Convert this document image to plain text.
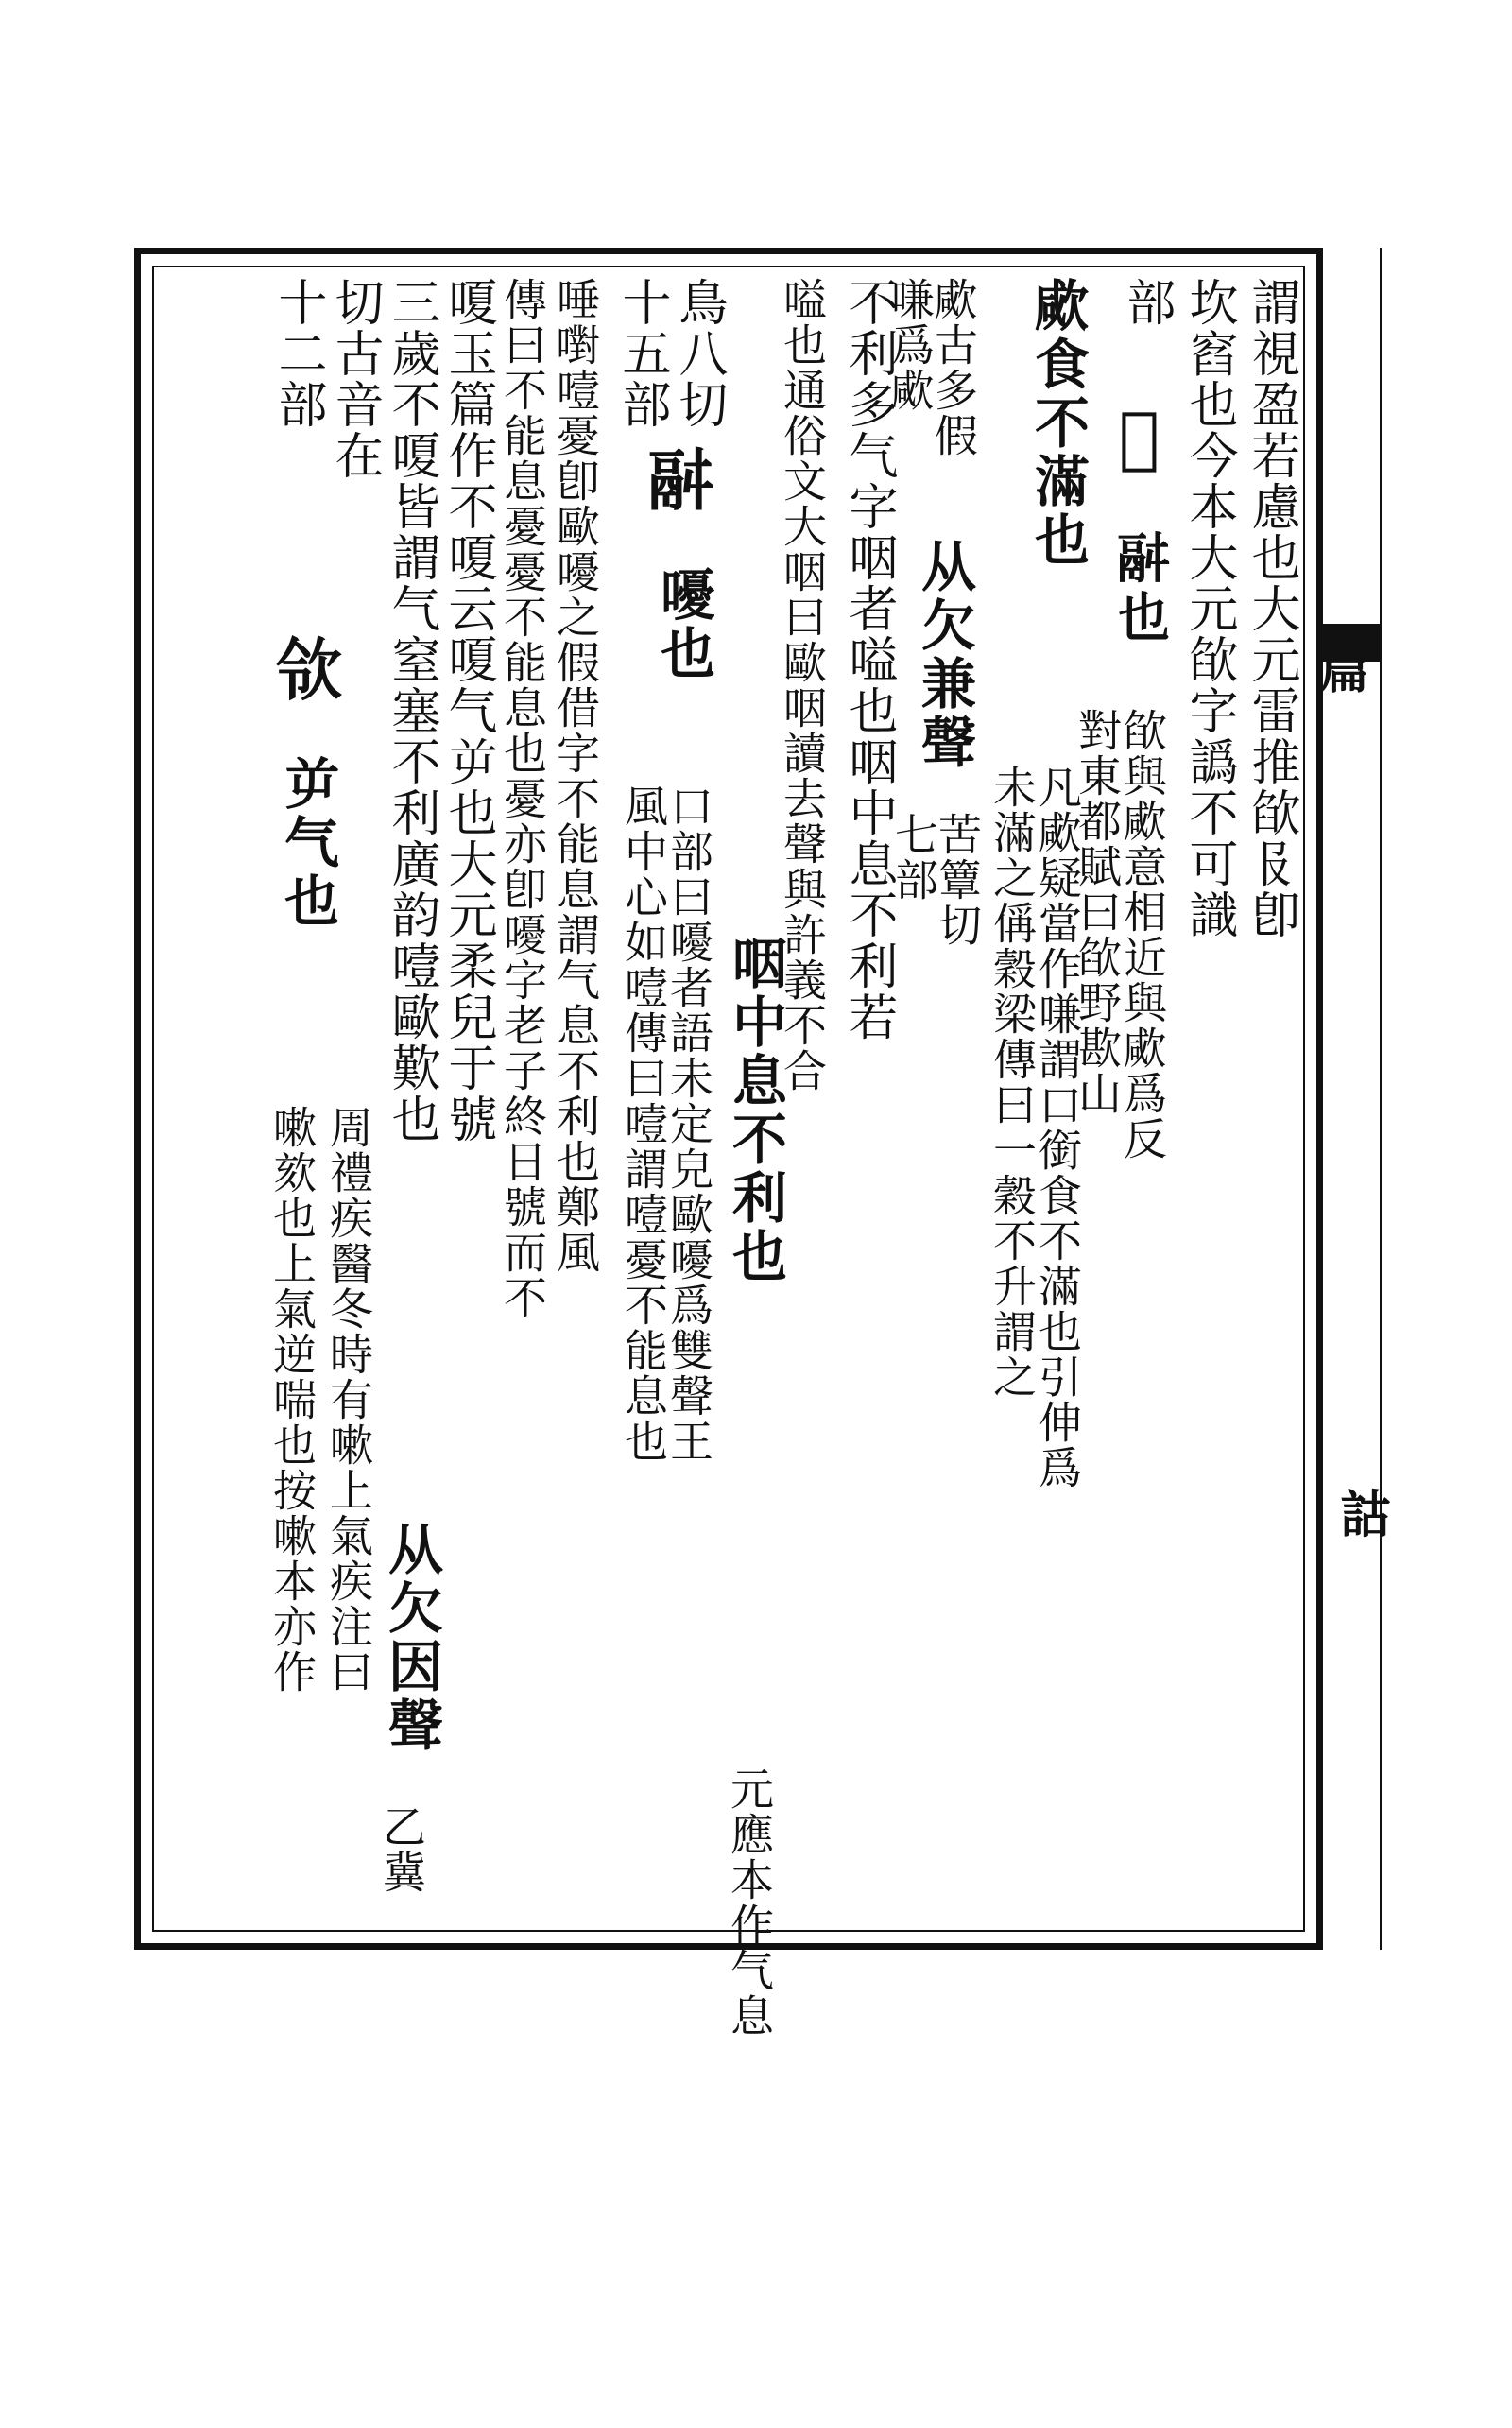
篇
詁
謂視盈若慮也大元雷推欿𠬝卽
坎窞也今本大元欿字譌不可識
部
𣤛
𩰫也
欿與㰹意相近與㰹爲反
對東都賦曰欿野歁山
㰹食不滿也
凡㰹疑當作嗛謂口銜食不滿也引伸爲
未滿之偁穀梁傳曰一穀不升謂之
㰹古多假
嗛爲㰹
从欠兼聲
苦簟切
七部
不利多气字咽者嗌也咽中息不利若
嗌也通俗文大咽曰歐咽讀去聲與許義不合
咽中息不利也
元應本作气息
鳥八切
十五部
𩰫
嚘也
口部曰嚘者語未定皃歐嚘爲雙聲王
風中心如噎傳曰噎謂噎憂不能息也
唾嚉噎憂卽歐嚘之假借字不能息謂气息不利也鄭風
傳曰不能息憂憂不能息也憂亦卽嚘字老子終日號而不
嗄玉篇作不嗄云嗄气屰也大元柔兒于號
三歲不嗄皆謂气窒塞不利廣韵噎歐歎也
从欠因聲
乙冀
切古音在
十二部
𣢝
屰气也
周禮疾醫冬時有嗽上氣疾注曰
嗽欬也上氣逆喘也按嗽本亦作
